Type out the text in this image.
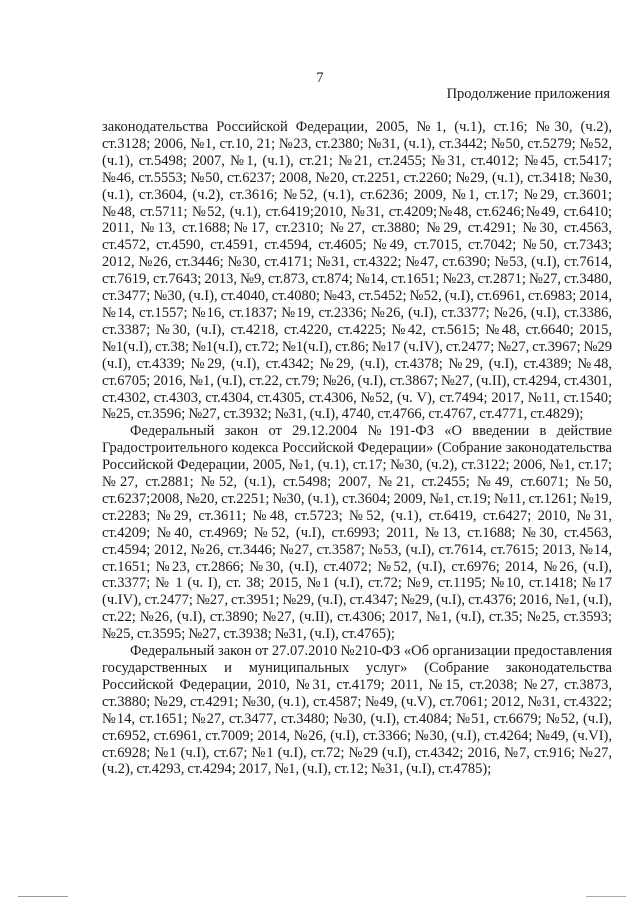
7
Продолжение приложения

законодательства Российской Федерации, 2005, №1, (ч.1), ст.16; №30, (ч.2), ст.3128; 2006, №1, ст.10, 21; №23, ст.2380; №31, (ч.1), ст.3442; №50, ст.5279; №52, (ч.1), ст.5498; 2007, №1, (ч.1), ст.21; №21, ст.2455; №31, ст.4012; №45, ст.5417; №46, ст.5553; №50, ст.6237; 2008, №20, ст.2251, ст.2260; №29, (ч.1), ст.3418; №30, (ч.1), ст.3604, (ч.2), ст.3616; №52, (ч.1), ст.6236; 2009, №1, ст.17; №29, ст.3601; №48, ст.5711; №52, (ч.1), ст.6419;2010, №31, ст.4209;№48, ст.6246;№49, ст.6410; 2011, №13, ст.1688;№17, ст.2310; №27, ст.3880; №29, ст.4291; №30, ст.4563, ст.4572, ст.4590, ст.4591, ст.4594, ст.4605; №49, ст.7015, ст.7042; №50, ст.7343; 2012, №26, ст.3446; №30, ст.4171; №31, ст.4322; №47, ст.6390; №53, (ч.I), ст.7614, ст.7619, ст.7643; 2013, №9, ст.873, ст.874; №14, ст.1651; №23, ст.2871; №27, ст.3480, ст.3477; №30, (ч.I), ст.4040, ст.4080; №43, ст.5452; №52, (ч.I), ст.6961, ст.6983; 2014, №14, ст.1557; №16, ст.1837; №19, ст.2336; №26, (ч.I), ст.3377; №26, (ч.I), ст.3386, ст.3387; №30, (ч.I), ст.4218, ст.4220, ст.4225; №42, ст.5615; №48, ст.6640; 2015, №1(ч.I), ст.38; №1(ч.I), ст.72; №1(ч.I), ст.86; №17 (ч.IV), ст.2477; №27, ст.3967; №29 (ч.I), ст.4339; №29, (ч.I), ст.4342; №29, (ч.I), ст.4378; №29, (ч.I), ст.4389; №48, ст.6705; 2016, №1, (ч.I), ст.22, ст.79; №26, (ч.I), ст.3867; №27, (ч.II), ст.4294, ст.4301, ст.4302, ст.4303, ст.4304, ст.4305, ст.4306, №52, (ч. V), ст.7494; 2017, №11, ст.1540; №25, ст.3596; №27, ст.3932; №31, (ч.I), 4740, ст.4766, ст.4767, ст.4771, ст.4829);

Федеральный закон от 29.12.2004 №191-ФЗ «О введении в действие Градостроительного кодекса Российской Федерации» (Собрание законодательства Российской Федерации, 2005, №1, (ч.1), ст.17; №30, (ч.2), ст.3122; 2006, №1, ст.17; №27, ст.2881; №52, (ч.1), ст.5498; 2007, №21, ст.2455; №49, ст.6071; №50, ст.6237;2008, №20, ст.2251; №30, (ч.1), ст.3604; 2009, №1, ст.19; №11, ст.1261; №19, ст.2283; №29, ст.3611; №48, ст.5723; №52, (ч.1), ст.6419, ст.6427; 2010, №31, ст.4209; №40, ст.4969; №52, (ч.I), ст.6993; 2011, №13, ст.1688; №30, ст.4563, ст.4594; 2012, №26, ст.3446; №27, ст.3587; №53, (ч.I), ст.7614, ст.7615; 2013, №14, ст.1651; №23, ст.2866; №30, (ч.I), ст.4072; №52, (ч.I), ст.6976; 2014, №26, (ч.I), ст.3377; № 1 (ч. I), ст. 38; 2015, №1 (ч.I), ст.72; №9, ст.1195; №10, ст.1418; №17 (ч.IV), ст.2477; №27, ст.3951; №29, (ч.I), ст.4347; №29, (ч.I), ст.4376; 2016, №1, (ч.I), ст.22; №26, (ч.I), ст.3890; №27, (ч.II), ст.4306; 2017, №1, (ч.I), ст.35; №25, ст.3593; №25, ст.3595; №27, ст.3938; №31, (ч.I), ст.4765);

Федеральный закон от 27.07.2010 №210-ФЗ «Об организации предоставления государственных и муниципальных услуг» (Собрание законодательства Российской Федерации, 2010, №31, ст.4179; 2011, №15, ст.2038; №27, ст.3873, ст.3880; №29, ст.4291; №30, (ч.1), ст.4587; №49, (ч.V), ст.7061; 2012, №31, ст.4322; №14, ст.1651; №27, ст.3477, ст.3480; №30, (ч.I), ст.4084; №51, ст.6679; №52, (ч.I), ст.6952, ст.6961, ст.7009; 2014, №26, (ч.I), ст.3366; №30, (ч.I), ст.4264; №49, (ч.VI), ст.6928; №1 (ч.I), ст.67; №1 (ч.I), ст.72; №29 (ч.I), ст.4342; 2016, №7, ст.916; №27, (ч.2), ст.4293, ст.4294; 2017, №1, (ч.I), ст.12; №31, (ч.I), ст.4785);
